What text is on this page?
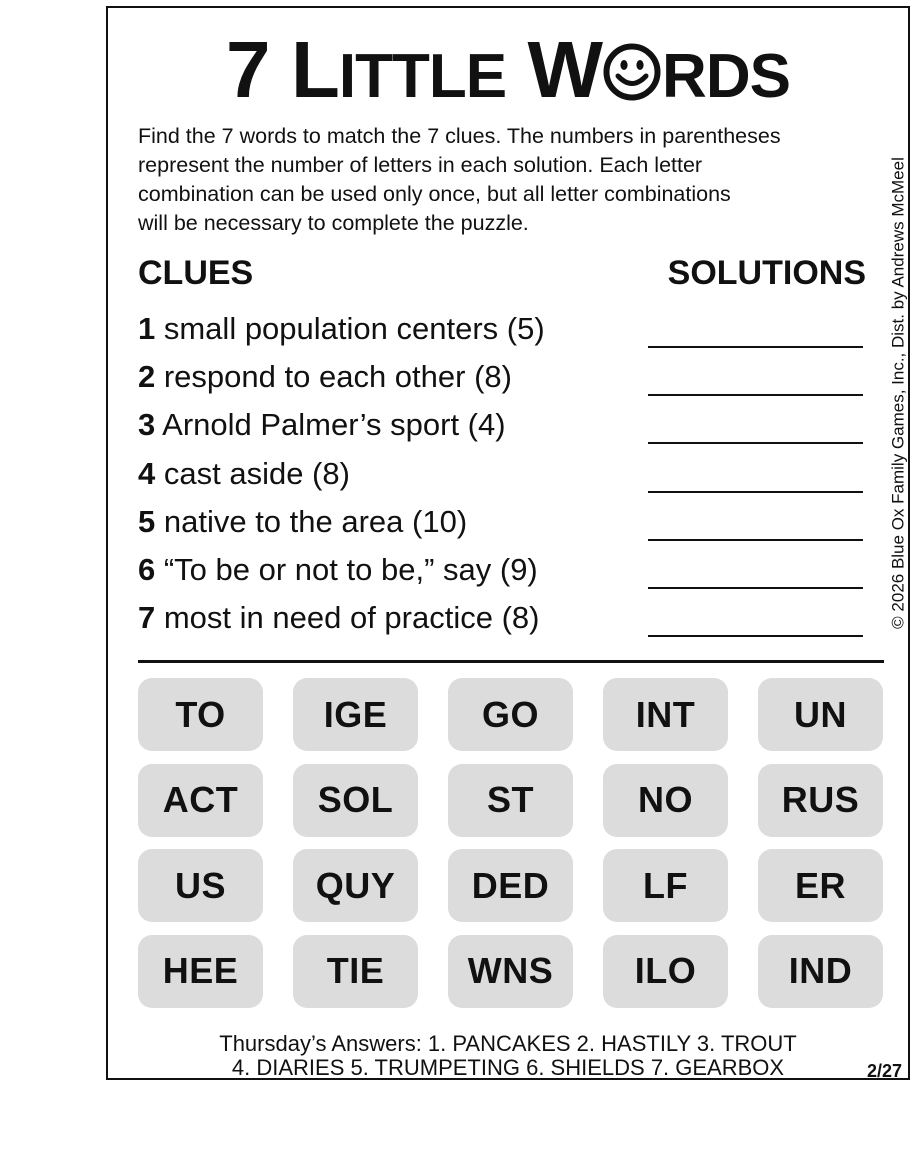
7 LITTLE W RDS

Find the 7 words to match the 7 clues. The numbers in parentheses
represent the number of letters in each solution. Each letter
combination can be used only once, but all letter combinations
will be necessary to complete the puzzle.

CLUES	SOLUTIONS
1 small population centers (5)
2 respond to each other (8)
3 Arnold Palmer’s sport (4)
4 cast aside (8)
5 native to the area (10)
6 “To be or not to be,” say (9)
7 most in need of practice (8)	© 2026 Blue Ox Family Games, Inc., Dist. by Andrews McMeel
TO	IGE	GO	INT	UN
ACT	SOL	ST	NO	RUS
US	QUY	DED	LF	ER
HEE	TIE	WNS	ILO	IND
Thursday’s Answers: 1. PANCAKES 2. HASTILY 3. TROUT
4. DIARIES 5. TRUMPETING 6. SHIELDS 7. GEARBOX	2/27
